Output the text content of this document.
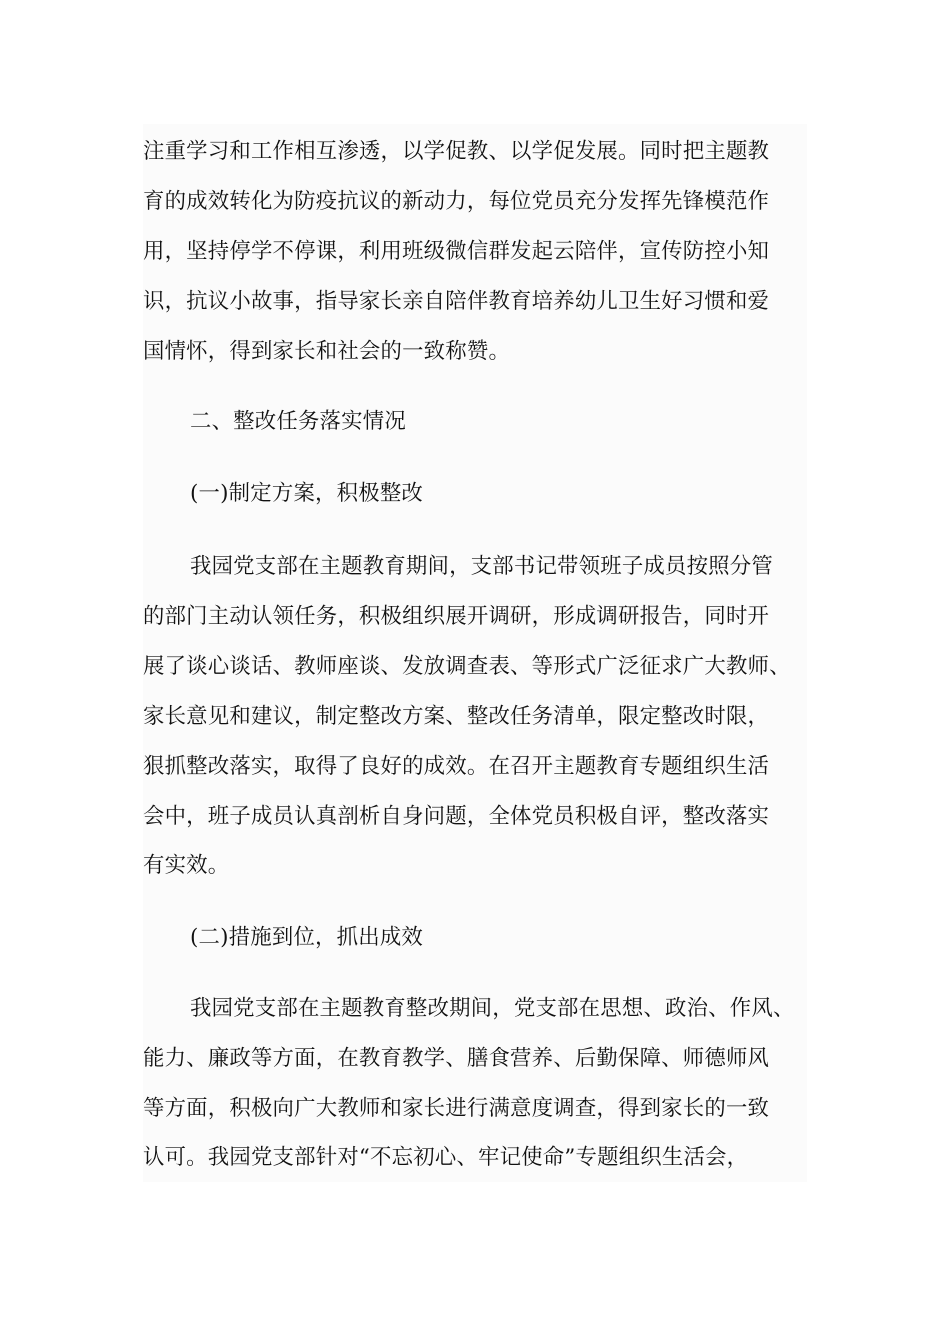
注重学习和工作相互渗透，以学促教、以学促发展。同时把主题教
育的成效转化为防疫抗议的新动力，每位党员充分发挥先锋模范作
用，坚持停学不停课，利用班级微信群发起云陪伴，宣传防控小知
识，抗议小故事，指导家长亲自陪伴教育培养幼儿卫生好习惯和爱
国情怀，得到家长和社会的一致称赞。
二、整改任务落实情况
(一)制定方案，积极整改
我园党支部在主题教育期间，支部书记带领班子成员按照分管
的部门主动认领任务，积极组织展开调研，形成调研报告，同时开
展了谈心谈话、教师座谈、发放调查表、等形式广泛征求广大教师、
家长意见和建议，制定整改方案、整改任务清单，限定整改时限，
狠抓整改落实，取得了良好的成效。在召开主题教育专题组织生活
会中，班子成员认真剖析自身问题，全体党员积极自评，整改落实
有实效。
(二)措施到位，抓出成效
我园党支部在主题教育整改期间，党支部在思想、政治、作风、
能力、廉政等方面，在教育教学、膳食营养、后勤保障、师德师风
等方面，积极向广大教师和家长进行满意度调查，得到家长的一致
认可。我园党支部针对“不忘初心、牢记使命”专题组织生活会，
